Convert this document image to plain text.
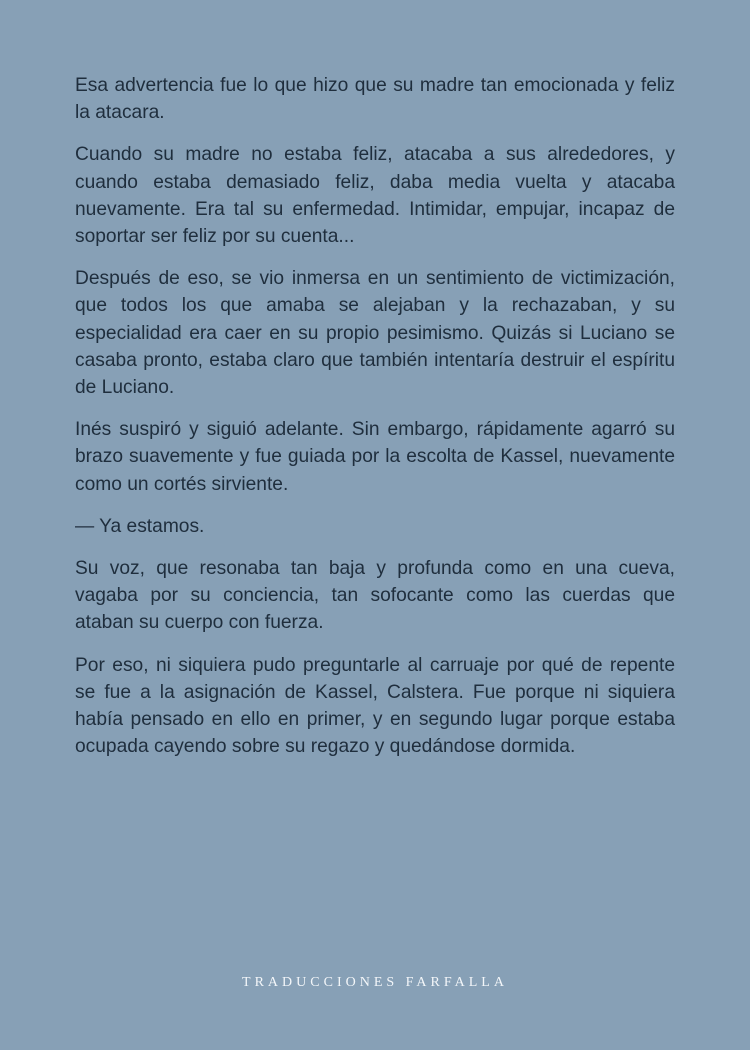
Esa advertencia fue lo que hizo que su madre tan emocionada y feliz la atacara.

Cuando su madre no estaba feliz, atacaba a sus alrededores, y cuando estaba demasiado feliz, daba media vuelta y atacaba nuevamente. Era tal su enfermedad. Intimidar, empujar, incapaz de soportar ser feliz por su cuenta...

Después de eso, se vio inmersa en un sentimiento de victimización, que todos los que amaba se alejaban y la rechazaban, y su especialidad era caer en su propio pesimismo. Quizás si Luciano se casaba pronto, estaba claro que también intentaría destruir el espíritu de Luciano.

Inés suspiró y siguió adelante. Sin embargo, rápidamente agarró su brazo suavemente y fue guiada por la escolta de Kassel, nuevamente como un cortés sirviente.

— Ya estamos.

Su voz, que resonaba tan baja y profunda como en una cueva, vagaba por su conciencia, tan sofocante como las cuerdas que ataban su cuerpo con fuerza.

Por eso, ni siquiera pudo preguntarle al carruaje por qué de repente se fue a la asignación de Kassel, Calstera. Fue porque ni siquiera había pensado en ello en primer, y en segundo lugar porque estaba ocupada cayendo sobre su regazo y quedándose dormida.

TRADUCCIONES FARFALLA
